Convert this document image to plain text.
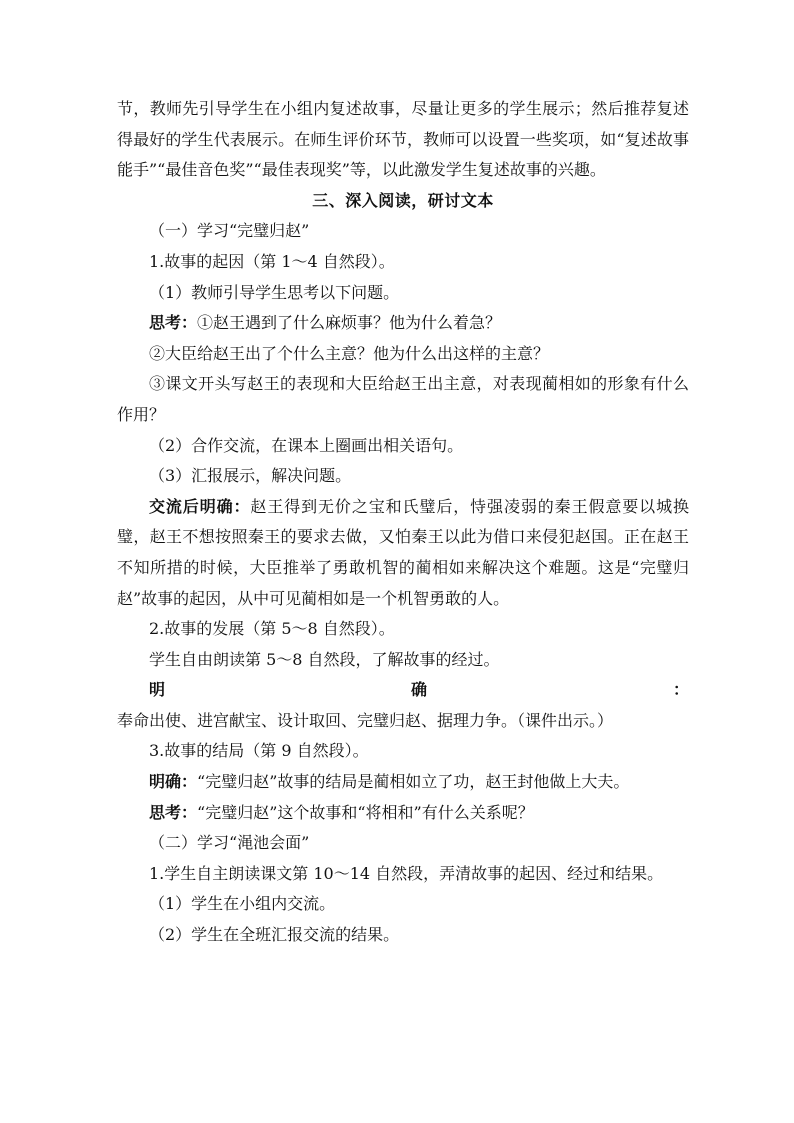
节，教师先引导学生在小组内复述故事，尽量让更多的学生展示；然后推荐复述得最好的学生代表展示。在师生评价环节，教师可以设置一些奖项，如“复述故事能手”“最佳音色奖”“最佳表现奖”等，以此激发学生复述故事的兴趣。

三、深入阅读，研讨文本

（一）学习“完璧归赵”

1.故事的起因（第 1～4 自然段）。

（1）教师引导学生思考以下问题。

思考：①赵王遇到了什么麻烦事？他为什么着急？

②大臣给赵王出了个什么主意？他为什么出这样的主意？

③课文开头写赵王的表现和大臣给赵王出主意，对表现蔺相如的形象有什么作用？

（2）合作交流，在课本上圈画出相关语句。

（3）汇报展示，解决问题。

交流后明确：赵王得到无价之宝和氏璧后，恃强凌弱的秦王假意要以城换璧，赵王不想按照秦王的要求去做，又怕秦王以此为借口来侵犯赵国。正在赵王不知所措的时候，大臣推举了勇敢机智的蔺相如来解决这个难题。这是“完璧归赵”故事的起因，从中可见蔺相如是一个机智勇敢的人。

2.故事的发展（第 5～8 自然段）。

学生自由朗读第 5～8 自然段，了解故事的经过。

明确：奉命出使、进宫献宝、设计取回、完璧归赵、据理力争。（课件出示。）

3.故事的结局（第 9 自然段）。

明确：“完璧归赵”故事的结局是蔺相如立了功，赵王封他做上大夫。

思考：“完璧归赵”这个故事和“将相和”有什么关系呢？

（二）学习“渑池会面”

1.学生自主朗读课文第 10～14 自然段，弄清故事的起因、经过和结果。

（1）学生在小组内交流。

（2）学生在全班汇报交流的结果。
